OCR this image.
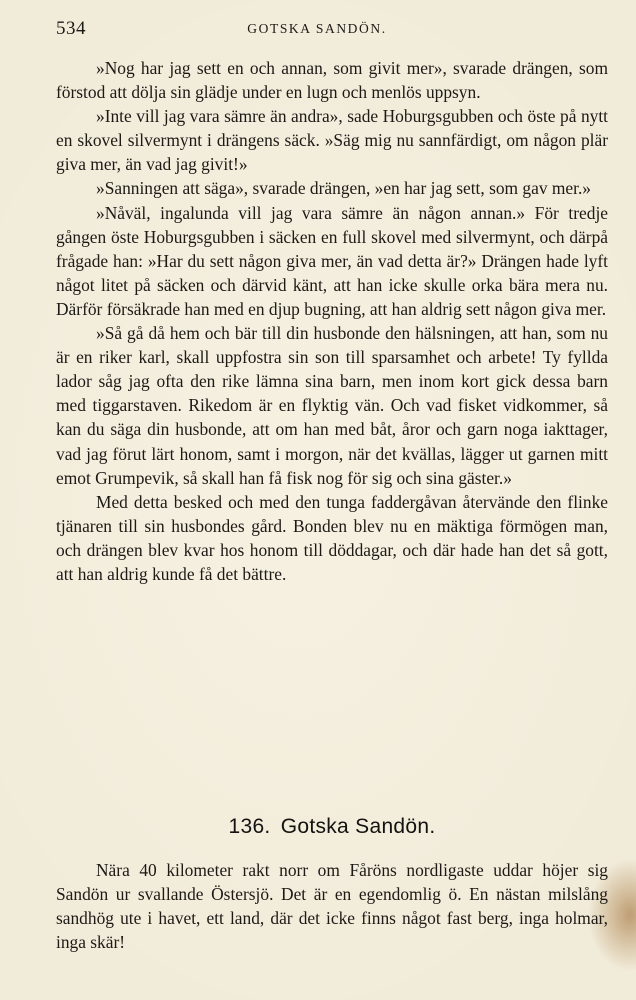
534	GOTSKA SANDÖN.

»Nog har jag sett en och annan, som givit mer», svarade drängen, som förstod att dölja sin glädje under en lugn och menlös uppsyn.

»Inte vill jag vara sämre än andra», sade Hoburgsgubben och öste på nytt en skovel silvermynt i drängens säck. »Säg mig nu sannfärdigt, om någon plär giva mer, än vad jag givit!»

»Sanningen att säga», svarade drängen, »en har jag sett, som gav mer.»

»Nåväl, ingalunda vill jag vara sämre än någon annan.» För tredje gången öste Hoburgsgubben i säcken en full skovel med silvermynt, och därpå frågade han: »Har du sett någon giva mer, än vad detta är?» Drängen hade lyft något litet på säcken och därvid känt, att han icke skulle orka bära mera nu. Därför försäkrade han med en djup bugning, att han aldrig sett någon giva mer.

»Så gå då hem och bär till din husbonde den hälsningen, att han, som nu är en riker karl, skall uppfostra sin son till sparsamhet och arbete! Ty fyllda lador såg jag ofta den rike lämna sina barn, men inom kort gick dessa barn med tiggarstaven. Rikedom är en flyktig vän. Och vad fisket vidkommer, så kan du säga din husbonde, att om han med båt, åror och garn noga iakttager, vad jag förut lärt honom, samt i morgon, när det kvällas, lägger ut garnen mitt emot Grumpevik, så skall han få fisk nog för sig och sina gäster.»

Med detta besked och med den tunga faddergåvan återvände den flinke tjänaren till sin husbondes gård. Bonden blev nu en mäktiga förmögen man, och drängen blev kvar hos honom till döddagar, och där hade han det så gott, att han aldrig kunde få det bättre.

136. Gotska Sandön.

Nära 40 kilometer rakt norr om Fåröns nordligaste uddar höjer sig Sandön ur svallande Östersjö. Det är en egendomlig ö. En nästan milslång sandhög ute i havet, ett land, där det icke finns något fast berg, inga holmar, inga skär!
